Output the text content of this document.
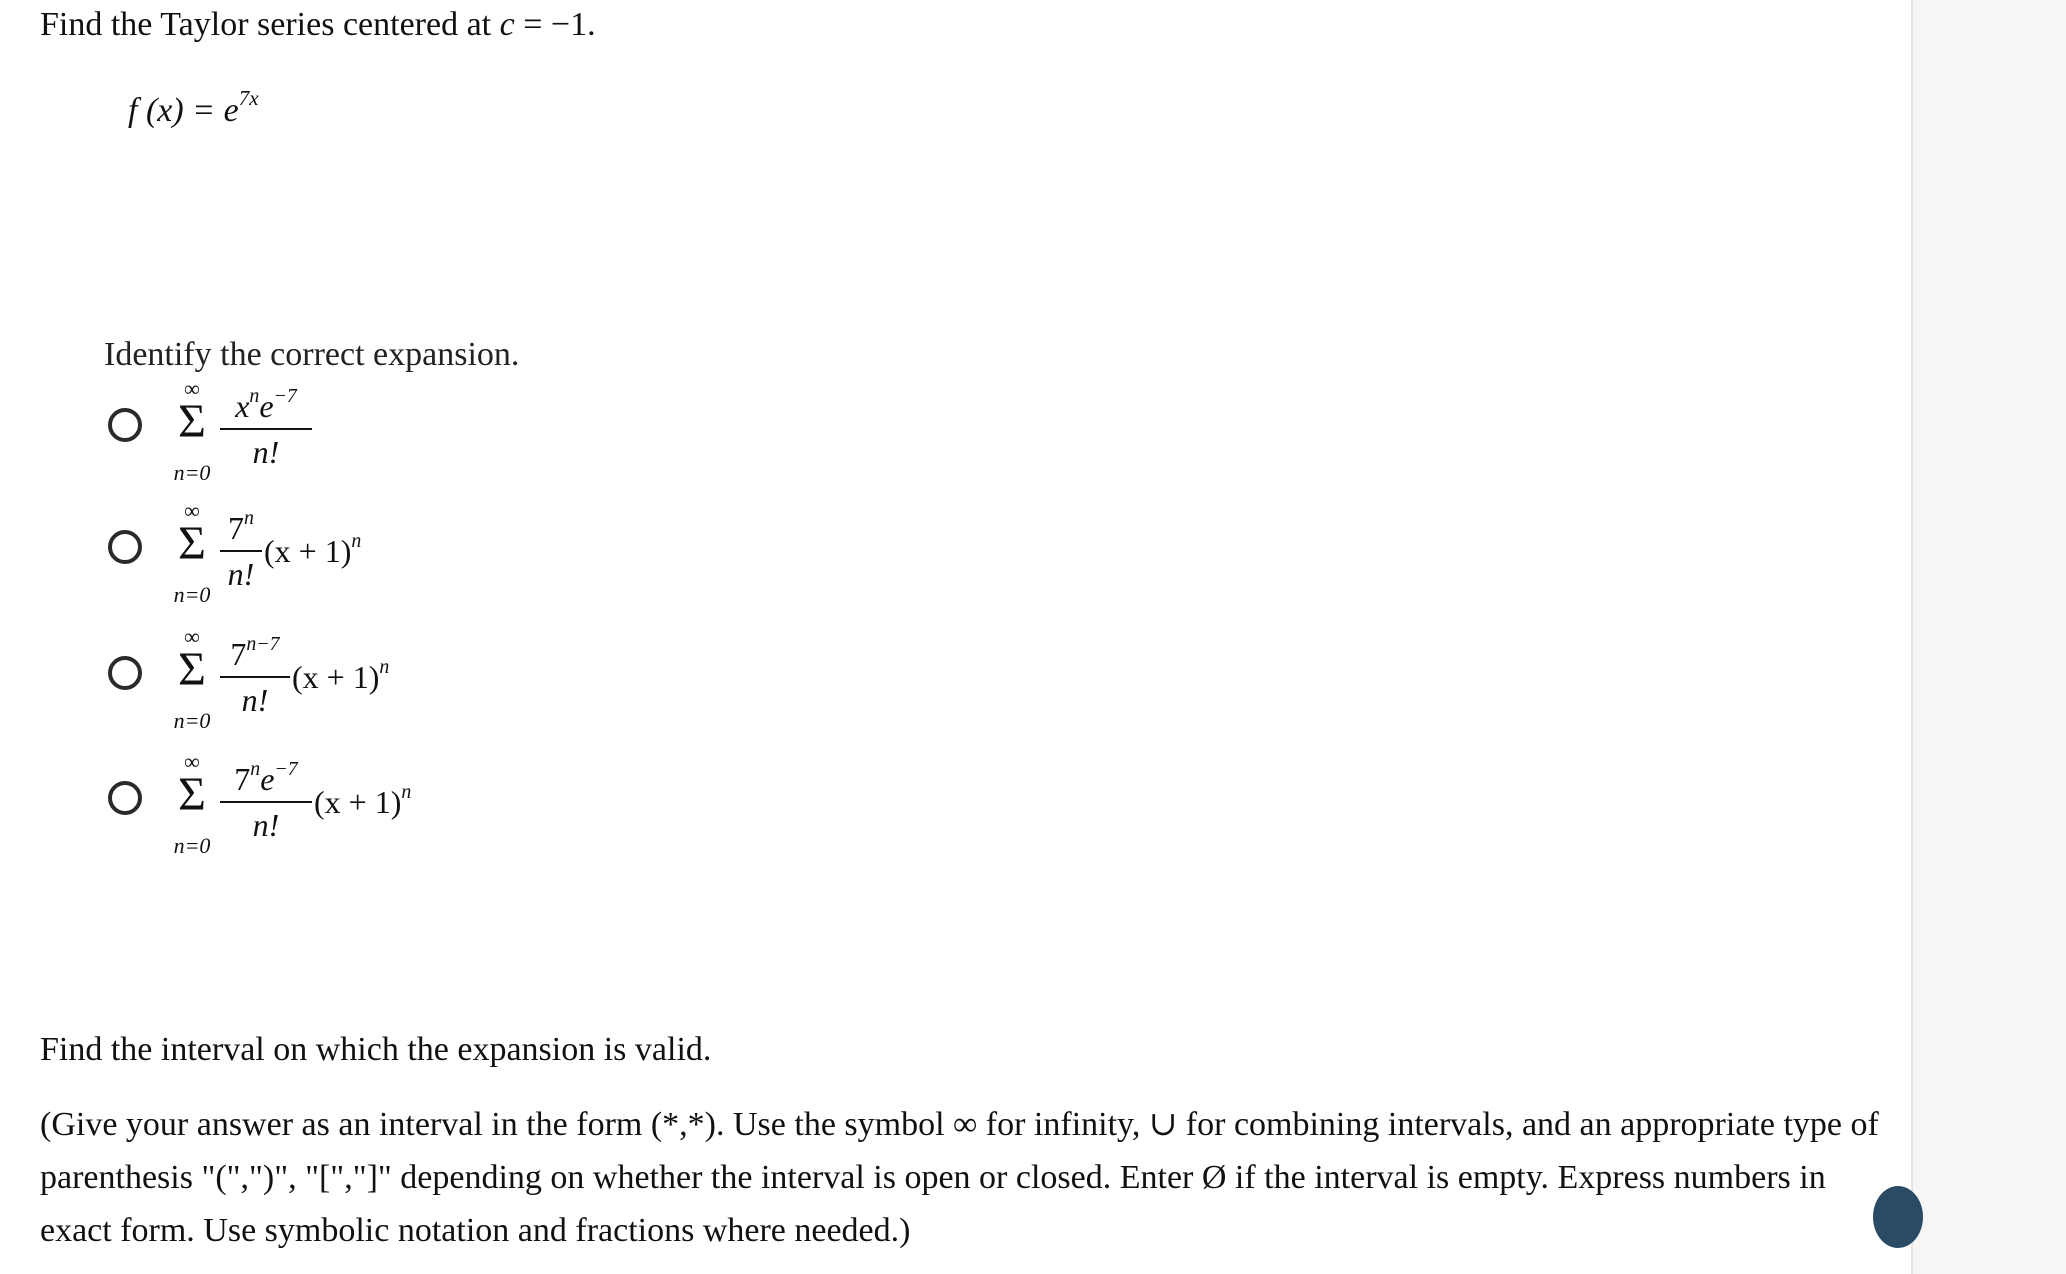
Find the Taylor series centered at c = −1.
f $(x) = e^{7x}$
Identify the correct expansion.
∞
Σ
n=0
$x^ne^{-7}$
n!
∞
Σ
n=0
7$^n$
n!
$(x + 1)^n$
∞
Σ
n=0
$7^{n-7}$
n!
$(x + 1)^n$
∞
Σ
n=0
$7^ne^{-7}$
n!
$(x + 1)^n$
Find the interval on which the expansion is valid.
(Give your answer as an interval in the form (*,*). Use the symbol ∞ for infinity, ∪ for combining intervals, and an appropriate type of parenthesis "(",")", "[","]" depending on whether the interval is open or closed. Enter Ø if the interval is empty. Express numbers in exact form. Use symbolic notation and fractions where needed.)
